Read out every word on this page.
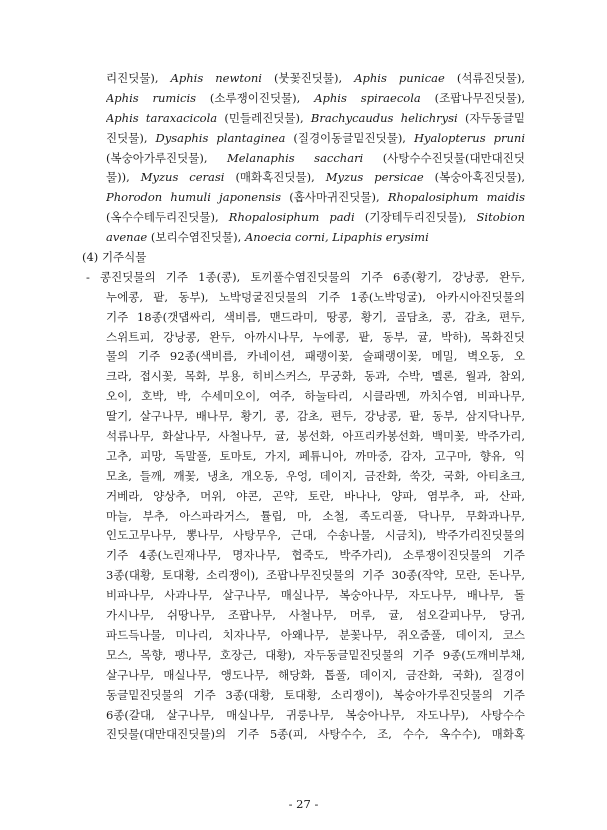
리진딧물), Aphis newtoni (붓꽃진딧물), Aphis punicae (석류진딧물),
Aphis rumicis (소루쟁이진딧물), Aphis spiraecola (조팝나무진딧물),
Aphis taraxacicola (민들레진딧물), Brachycaudus helichrysi (자두동글밑
진딧물), Dysaphis plantaginea (질경이동글밑진딧물), Hyalopterus pruni
(복숭아가루진딧물), Melanaphis sacchari (사탕수수진딧물(대만대진딧
물)), Myzus cerasi (매화혹진딧물), Myzus persicae (복숭아혹진딧물),
Phorodon humuli japonensis (홉사마귀진딧물), Rhopalosiphum maidis
(옥수수테두리진딧물), Rhopalosiphum padi (기장테두리진딧물), Sitobion
avenae (보리수염진딧물), Anoecia corni, Lipaphis erysimi
(4) 기주식물
- 콩진딧물의 기주 1종(콩), 토끼풀수염진딧물의 기주 6종(황기, 강낭콩, 완두,
누에콩, 팥, 동부), 노박덩굴진딧물의 기주 1종(노박덩굴), 아카시아진딧물의
기주 18종(갯댑싸리, 색비름, 맨드라미, 땅콩, 황기, 골담초, 콩, 감초, 편두,
스위트피, 강낭콩, 완두, 아까시나무, 누에콩, 팥, 동부, 귤, 박하), 목화진딧
물의 기주 92종(색비름, 카네이션, 패랭이꽃, 술패랭이꽃, 메밀, 벽오동, 오
크라, 접시꽃, 목화, 부용, 히비스커스, 무궁화, 동과, 수박, 멜론, 월과, 참외,
오이, 호박, 박, 수세미오이, 여주, 하눌타리, 시클라멘, 까치수염, 비파나무,
딸기, 살구나무, 배나무, 황기, 콩, 감초, 편두, 강낭콩, 팥, 동부, 삼지닥나무,
석류나무, 화살나무, 사철나무, 귤, 봉선화, 아프리카봉선화, 백미꽃, 박주가리,
고추, 피망, 독말풀, 토마토, 가지, 페튜니아, 까마중, 감자, 고구마, 향유, 익
모초, 들깨, 깨꽃, 냉초, 개오동, 우엉, 데이지, 금잔화, 쑥갓, 국화, 아티초크,
거베라, 양상추, 머위, 야콘, 곤약, 토란, 바나나, 양파, 염부추, 파, 산파,
마늘, 부추, 아스파라거스, 튤립, 마, 소철, 족도리풀, 닥나무, 무화과나무,
인도고무나무, 뽕나무, 사탕무우, 근대, 수송나물, 시금치), 박주가리진딧물의
기주 4종(노린재나무, 명자나무, 협죽도, 박주가리), 소루쟁이진딧물의 기주
3종(대황, 토대황, 소리쟁이), 조팝나무진딧물의 기주 30종(작약, 모란, 돈나무,
비파나무, 사과나무, 살구나무, 매실나무, 복숭아나무, 자도나무, 배나무, 돌
가시나무, 쉬땅나무, 조팝나무, 사철나무, 머루, 귤, 섬오갈피나무, 당귀,
파드득나물, 미나리, 치자나무, 아왜나무, 분꽃나무, 쥐오줌풀, 데이지, 코스
모스, 목향, 팽나무, 호장근, 대황), 자두동글밑진딧물의 기주 9종(도깨비부채,
살구나무, 매실나무, 앵도나무, 해당화, 톱풀, 데이지, 금잔화, 국화), 질경이
동글밑진딧물의 기주 3종(대황, 토대황, 소리쟁이), 복숭아가루진딧물의 기주
6종(갈대, 살구나무, 매실나무, 귀룽나무, 복숭아나무, 자도나무), 사탕수수
진딧물(대만대진딧물)의 기주 5종(피, 사탕수수, 조, 수수, 옥수수), 매화혹
- 27 -
